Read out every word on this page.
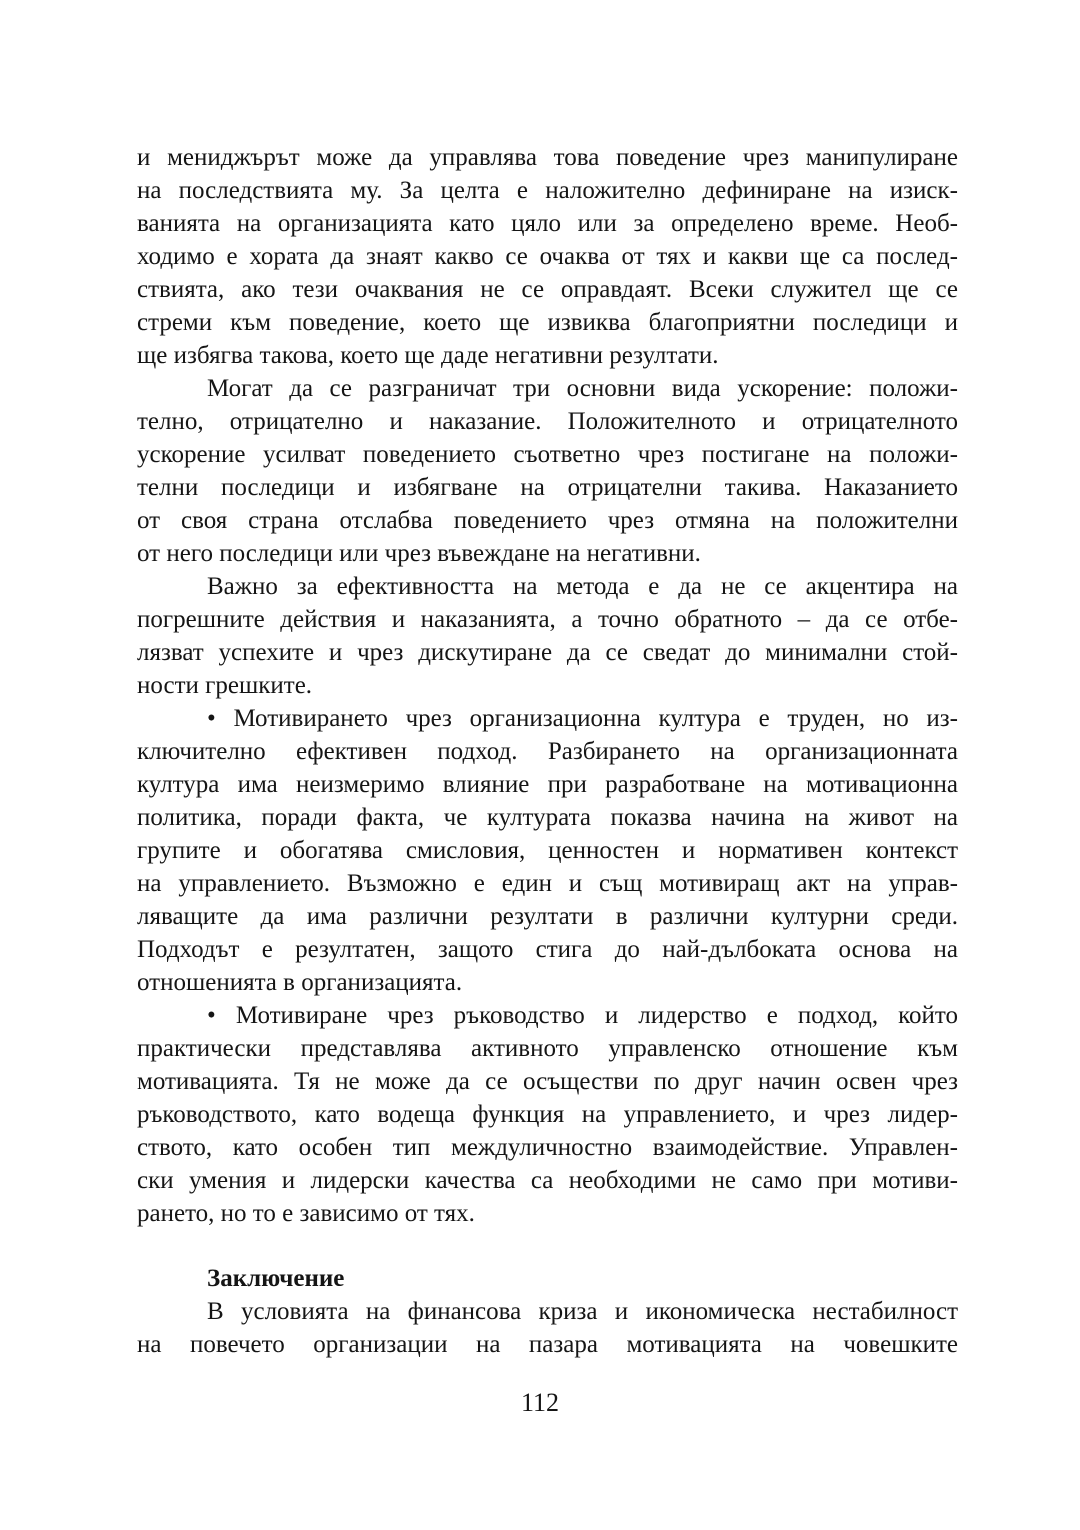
и мениджърът може да управлява това поведение чрез манипулиране
на последствията му. За целта е наложително дефиниране на изиск-
ванията на организацията като цяло или за определено време. Необ-
ходимо е хората да знаят какво се очаква от тях и какви ще са послед-
ствията, ако тези очаквания не се оправдаят. Всеки служител ще се
стреми към поведение, което ще извиква благоприятни последици и
ще избягва такова, което ще даде негативни резултати.
Могат да се разграничат три основни вида ускорение: положи-
телно, отрицателно и наказание. Положителното и отрицателното
ускорение усилват поведението съответно чрез постигане на положи-
телни последици и избягване на отрицателни такива. Наказанието
от своя страна отслабва поведението чрез отмяна на положителни
от него последици или чрез въвеждане на негативни.
Важно за ефективността на метода е да не се акцентира на
погрешните действия и наказанията, а точно обратното – да се отбе-
лязват успехите и чрез дискутиране да се сведат до минимални стой-
ности грешките.
• Мотивирането чрез организационна култура е труден, но из-
ключително ефективен подход. Разбирането на организационната
култура има неизмеримо влияние при разработване на мотивационна
политика, поради факта, че културата показва начина на живот на
групите и обогатява смисловия, ценностен и нормативен контекст
на управлението. Възможно е един и същ мотивиращ акт на управ-
ляващите да има различни резултати в различни културни среди.
Подходът е резултатен, защото стига до най-дълбоката основа на
отношенията в организацията.
• Мотивиране чрез ръководство и лидерство е подход, който
практически представлява активното управленско отношение към
мотивацията. Тя не може да се осъществи по друг начин освен чрез
ръководството, като водеща функция на управлението, и чрез лидер-
ството, като особен тип междуличностно взаимодействие. Управлен-
ски умения и лидерски качества са необходими не само при мотиви-
рането, но то е зависимо от тях.
Заключение
В условията на финансова криза и икономическа нестабилност
на повечето организации на пазара мотивацията на човешките
112
